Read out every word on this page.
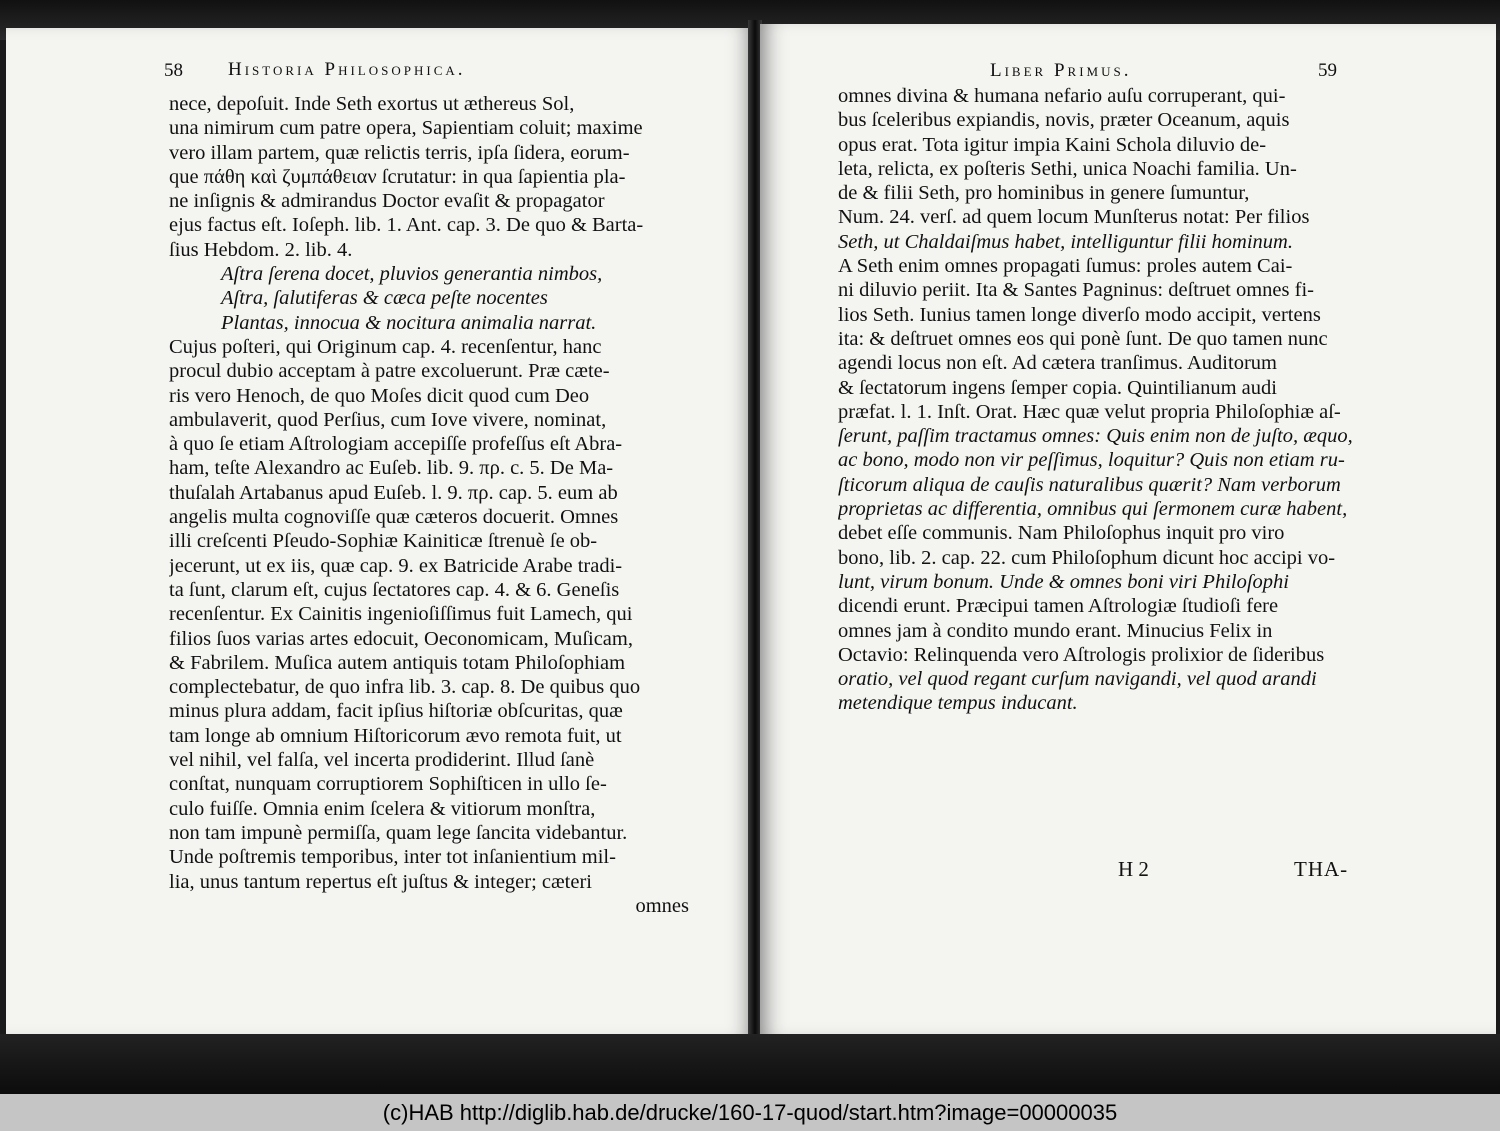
58 Historia Philosophica.
nece, depoſuit. Inde Seth exortus ut æthereus Sol,
una nimirum cum patre opera, Sapientiam coluit; maxime
vero illam partem, quæ relictis terris, ipſa ſidera, eorum-
que πάθη καὶ ζυμπάθειαν ſcrutatur: in qua ſapientia pla-
ne inſignis & admirandus Doctor evaſit & propagator
ejus factus eſt. Ioſeph. lib. 1. Ant. cap. 3. De quo & Barta-
ſius Hebdom. 2. lib. 4.
Aſtra ſerena docet, pluvios generantia nimbos,
Aſtra, ſalutiferas & cæca peſte nocentes
Plantas, innocua & nocitura animalia narrat.
Cujus poſteri, qui Originum cap. 4. recenſentur, hanc
procul dubio acceptam à patre excoluerunt. Præ cæte-
ris vero Henoch, de quo Moſes dicit quod cum Deo
ambulaverit, quod Perſius, cum Iove vivere, nominat,
à quo ſe etiam Aſtrologiam accepiſſe profeſſus eſt Abra-
ham, teſte Alexandro ac Euſeb. lib. 9. πρ. c. 5. De Ma-
thuſalah Artabanus apud Euſeb. l. 9. πρ. cap. 5. eum ab
angelis multa cognoviſſe quæ cæteros docuerit. Omnes
illi creſcenti Pſeudo-Sophiæ Kainiticæ ſtrenuè ſe ob-
jecerunt, ut ex iis, quæ cap. 9. ex Batricide Arabe tradi-
ta ſunt, clarum eſt, cujus ſectatores cap. 4. & 6. Geneſis
recenſentur. Ex Cainitis ingenioſiſſimus fuit Lamech, qui
filios ſuos varias artes edocuit, Oeconomicam, Muſicam,
& Fabrilem. Muſica autem antiquis totam Philoſophiam
complectebatur, de quo infra lib. 3. cap. 8. De quibus quo
minus plura addam, facit ipſius hiſtoriæ obſcuritas, quæ
tam longe ab omnium Hiſtoricorum ævo remota fuit, ut
vel nihil, vel falſa, vel incerta prodiderint. Illud ſanè
conſtat, nunquam corruptiorem Sophiſticen in ullo ſe-
culo fuiſſe. Omnia enim ſcelera & vitiorum monſtra,
non tam impunè permiſſa, quam lege ſancita videbantur.
Unde poſtremis temporibus, inter tot inſanientium mil-
lia, unus tantum repertus eſt juſtus & integer; cæteri
omnes
Liber Primus.	59
omnes divina & humana nefario auſu corruperant, qui-
bus ſceleribus expiandis, novis, præter Oceanum, aquis
opus erat. Tota igitur impia Kaini Schola diluvio de-
leta, relicta, ex poſteris Sethi, unica Noachi familia. Un-
de & filii Seth, pro hominibus in genere ſumuntur,
Num. 24. verſ. ad quem locum Munſterus notat: Per filios
Seth, ut Chaldaiſmus habet, intelliguntur filii hominum.
A Seth enim omnes propagati ſumus: proles autem Cai-
ni diluvio periit. Ita & Santes Pagninus: deſtruet omnes fi-
lios Seth. Iunius tamen longe diverſo modo accipit, vertens
ita: & deſtruet omnes eos qui ponè ſunt. De quo tamen nunc
agendi locus non eſt. Ad cætera tranſimus. Auditorum
& ſectatorum ingens ſemper copia. Quintilianum audi
præfat. l. 1. Inſt. Orat. Hæc quæ velut propria Philoſophiæ aſ-
ſerunt, paſſim tractamus omnes: Quis enim non de juſto, æquo,
ac bono, modo non vir peſſimus, loquitur? Quis non etiam ru-
ſticorum aliqua de cauſis naturalibus quærit? Nam verborum
proprietas ac differentia, omnibus qui ſermonem curæ habent,
debet eſſe communis. Nam Philoſophus inquit pro viro
bono, lib. 2. cap. 22. cum Philoſophum dicunt hoc accipi vo-
lunt, virum bonum. Unde & omnes boni viri Philoſophi
dicendi erunt. Præcipui tamen Aſtrologiæ ſtudioſi fere
omnes jam à condito mundo erant. Minucius Felix in
Octavio: Relinquenda vero Aſtrologis prolixior de ſideribus
oratio, vel quod regant curſum navigandi, vel quod arandi
metendique tempus inducant.
H 2	THA-
(c)HAB http://diglib.hab.de/drucke/160-17-quod/start.htm?image=00000035
